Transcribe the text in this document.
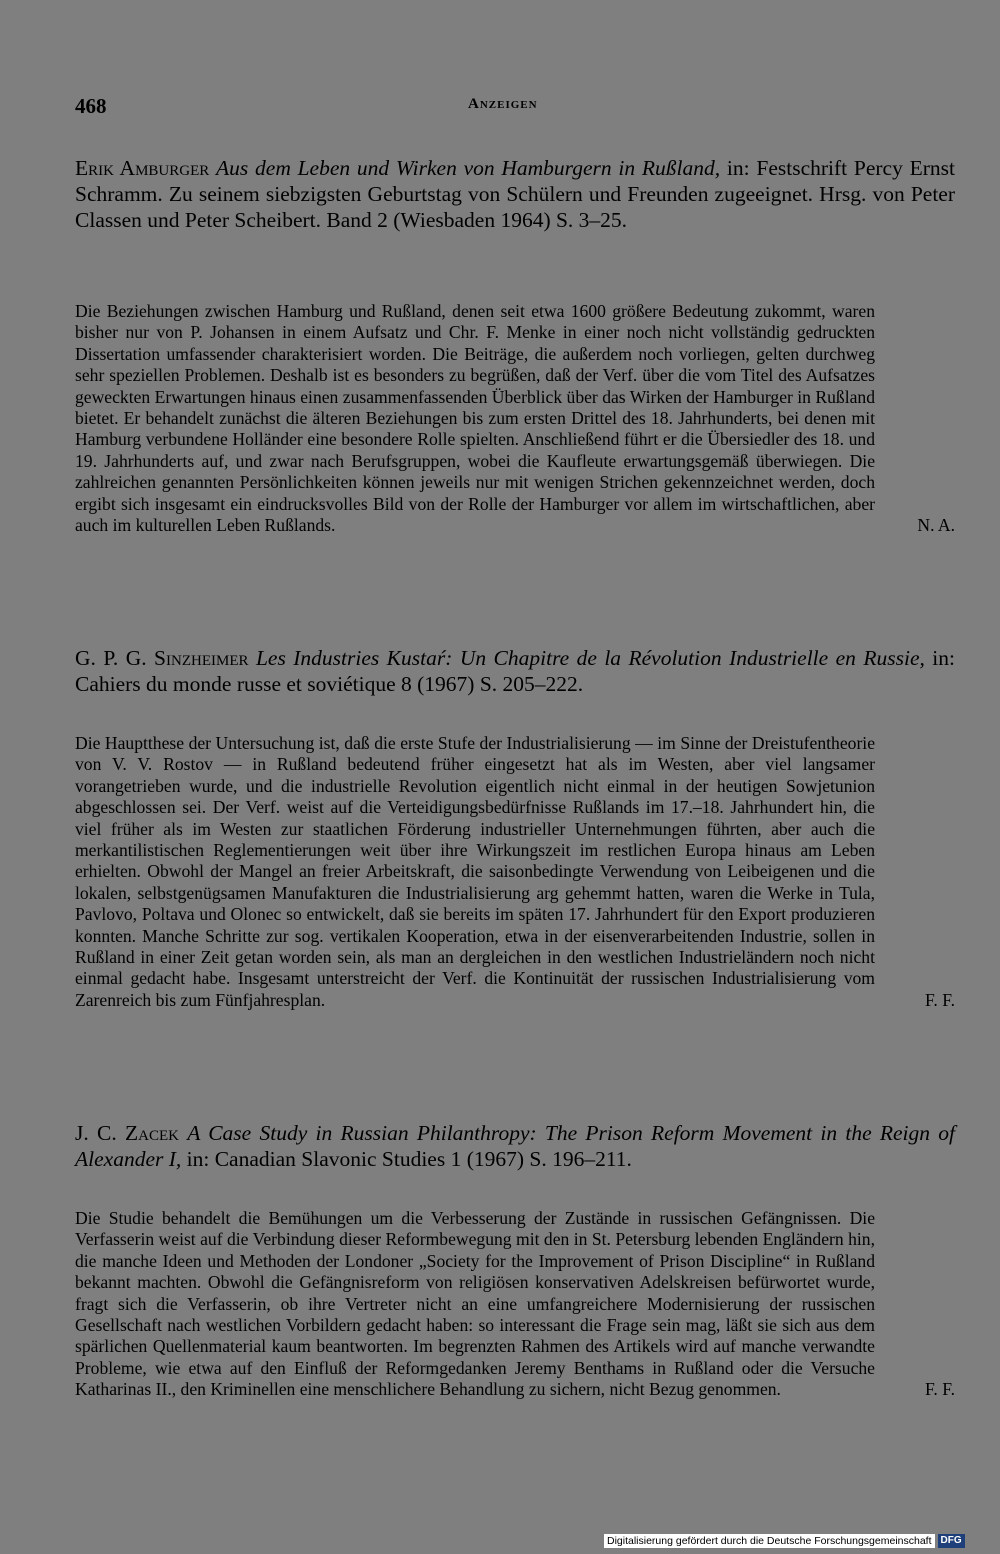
468	Anzeigen
Erik Amburger Aus dem Leben und Wirken von Hamburgern in Rußland, in: Festschrift Percy Ernst Schramm. Zu seinem siebzigsten Geburtstag von Schülern und Freunden zugeeignet. Hrsg. von Peter Classen und Peter Scheibert. Band 2 (Wiesbaden 1964) S. 3–25.
Die Beziehungen zwischen Hamburg und Rußland, denen seit etwa 1600 größere Bedeutung zukommt, waren bisher nur von P. Johansen in einem Aufsatz und Chr. F. Menke in einer noch nicht vollständig gedruckten Dissertation umfassender charakterisiert worden. Die Beiträge, die außerdem noch vorliegen, gelten durchweg sehr speziellen Problemen. Deshalb ist es besonders zu begrüßen, daß der Verf. über die vom Titel des Aufsatzes geweckten Erwartungen hinaus einen zusammenfassenden Überblick über das Wirken der Hamburger in Rußland bietet. Er behandelt zunächst die älteren Beziehungen bis zum ersten Drittel des 18. Jahrhunderts, bei denen mit Hamburg verbundene Holländer eine besondere Rolle spielten. Anschließend führt er die Übersiedler des 18. und 19. Jahrhunderts auf, und zwar nach Berufsgruppen, wobei die Kaufleute erwartungsgemäß überwiegen. Die zahlreichen genannten Persönlichkeiten können jeweils nur mit wenigen Strichen gekennzeichnet werden, doch ergibt sich insgesamt ein eindrucksvolles Bild von der Rolle der Hamburger vor allem im wirtschaftlichen, aber auch im kulturellen Leben Rußlands.	N. A.
G. P. G. Sinzheimer Les Industries Kustaŕ: Un Chapitre de la Révolution Industrielle en Russie, in: Cahiers du monde russe et soviétique 8 (1967) S. 205–222.
Die Hauptthese der Untersuchung ist, daß die erste Stufe der Industrialisierung — im Sinne der Dreistufentheorie von V. V. Rostov — in Rußland bedeutend früher eingesetzt hat als im Westen, aber viel langsamer vorangetrieben wurde, und die industrielle Revolution eigentlich nicht einmal in der heutigen Sowjetunion abgeschlossen sei. Der Verf. weist auf die Verteidigungsbedürfnisse Rußlands im 17.–18. Jahrhundert hin, die viel früher als im Westen zur staatlichen Förderung industrieller Unternehmungen führten, aber auch die merkantilistischen Reglementierungen weit über ihre Wirkungszeit im restlichen Europa hinaus am Leben erhielten. Obwohl der Mangel an freier Arbeitskraft, die saisonbedingte Verwendung von Leibeigenen und die lokalen, selbstgenügsamen Manufakturen die Industrialisierung arg gehemmt hatten, waren die Werke in Tula, Pavlovo, Poltava und Olonec so entwickelt, daß sie bereits im späten 17. Jahrhundert für den Export produzieren konnten. Manche Schritte zur sog. vertikalen Kooperation, etwa in der eisenverarbeitenden Industrie, sollen in Rußland in einer Zeit getan worden sein, als man an dergleichen in den westlichen Industrieländern noch nicht einmal gedacht habe. Insgesamt unterstreicht der Verf. die Kontinuität der russischen Industrialisierung vom Zarenreich bis zum Fünfjahresplan.	F. F.
J. C. Zacek A Case Study in Russian Philanthropy: The Prison Reform Movement in the Reign of Alexander I, in: Canadian Slavonic Studies 1 (1967) S. 196–211.
Die Studie behandelt die Bemühungen um die Verbesserung der Zustände in russischen Gefängnissen. Die Verfasserin weist auf die Verbindung dieser Reformbewegung mit den in St. Petersburg lebenden Engländern hin, die manche Ideen und Methoden der Londoner „Society for the Improvement of Prison Discipline“ in Rußland bekannt machten. Obwohl die Gefängnisreform von religiösen konservativen Adelskreisen befürwortet wurde, fragt sich die Verfasserin, ob ihre Vertreter nicht an eine umfangreichere Modernisierung der russischen Gesellschaft nach westlichen Vorbildern gedacht haben: so interessant die Frage sein mag, läßt sie sich aus dem spärlichen Quellenmaterial kaum beantworten. Im begrenzten Rahmen des Artikels wird auf manche verwandte Probleme, wie etwa auf den Einfluß der Reformgedanken Jeremy Benthams in Rußland oder die Versuche Katharinas II., den Kriminellen eine menschlichere Behandlung zu sichern, nicht Bezug genommen.	F. F.
Digitalisierung gefördert durch die Deutsche Forschungsgemeinschaft DFG
